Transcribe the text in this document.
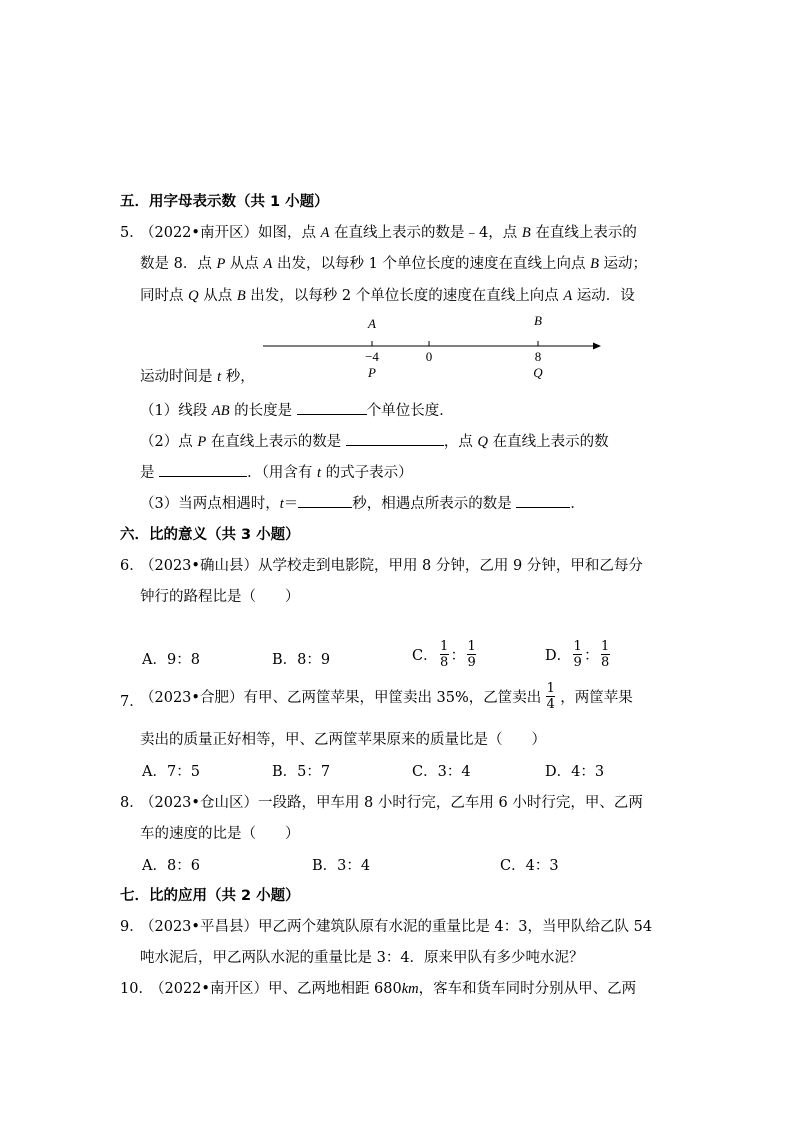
五．用字母表示数（共 1 小题）
5．
（2022•南开区）如图，点 A 在直线上表示的数是﹣4，点 B 在直线上表示的
数是 8．点 P 从点 A 出发，以每秒 1 个单位长度的速度在直线上向点 B 运动；
同时点 Q 从点 B 出发，以每秒 2 个单位长度的速度在直线上向点 A 运动．设
A	B
−4	0	8
P	Q
运动时间是 t 秒，
（1）线段 AB 的长度是	个单位长度．
（2）点 P 在直线上表示的数是	，点 Q 在直线上表示的数
是	．（用含有 t 的式子表示）
（3）当两点相遇时，t＝	秒，相遇点所表示的数是	．
六．比的意义（共 3 小题）
6．
（2023•确山县）从学校走到电影院，甲用 8 分钟，乙用 9 分钟，甲和乙每分
钟行的路程比是（　　）
A．9：8	B．8：9	C． $\frac{1}{8}$ ： $\frac{1}{9}$	D． $\frac{1}{9}$ ： $\frac{1}{8}$
7．
（2023•合肥）有甲、乙两筐苹果，甲筐卖出 35%，乙筐卖出 $\frac{1}{4}$ ，两筐苹果
卖出的质量正好相等，甲、乙两筐苹果原来的质量比是（　　）
A．7：5	B．5：7	C．3：4	D．4：3
8．
（2023•仓山区）一段路，甲车用 8 小时行完，乙车用 6 小时行完，甲、乙两
车的速度的比是（　　）
A．8：6	B．3：4	C．4：3
七．比的应用（共 2 小题）
9．
（2023•平昌县）甲乙两个建筑队原有水泥的重量比是 4：3，当甲队给乙队 54
吨水泥后，甲乙两队水泥的重量比是 3：4．原来甲队有多少吨水泥？
10．
（2022•南开区）甲、乙两地相距 680km，客车和货车同时分别从甲、乙两
